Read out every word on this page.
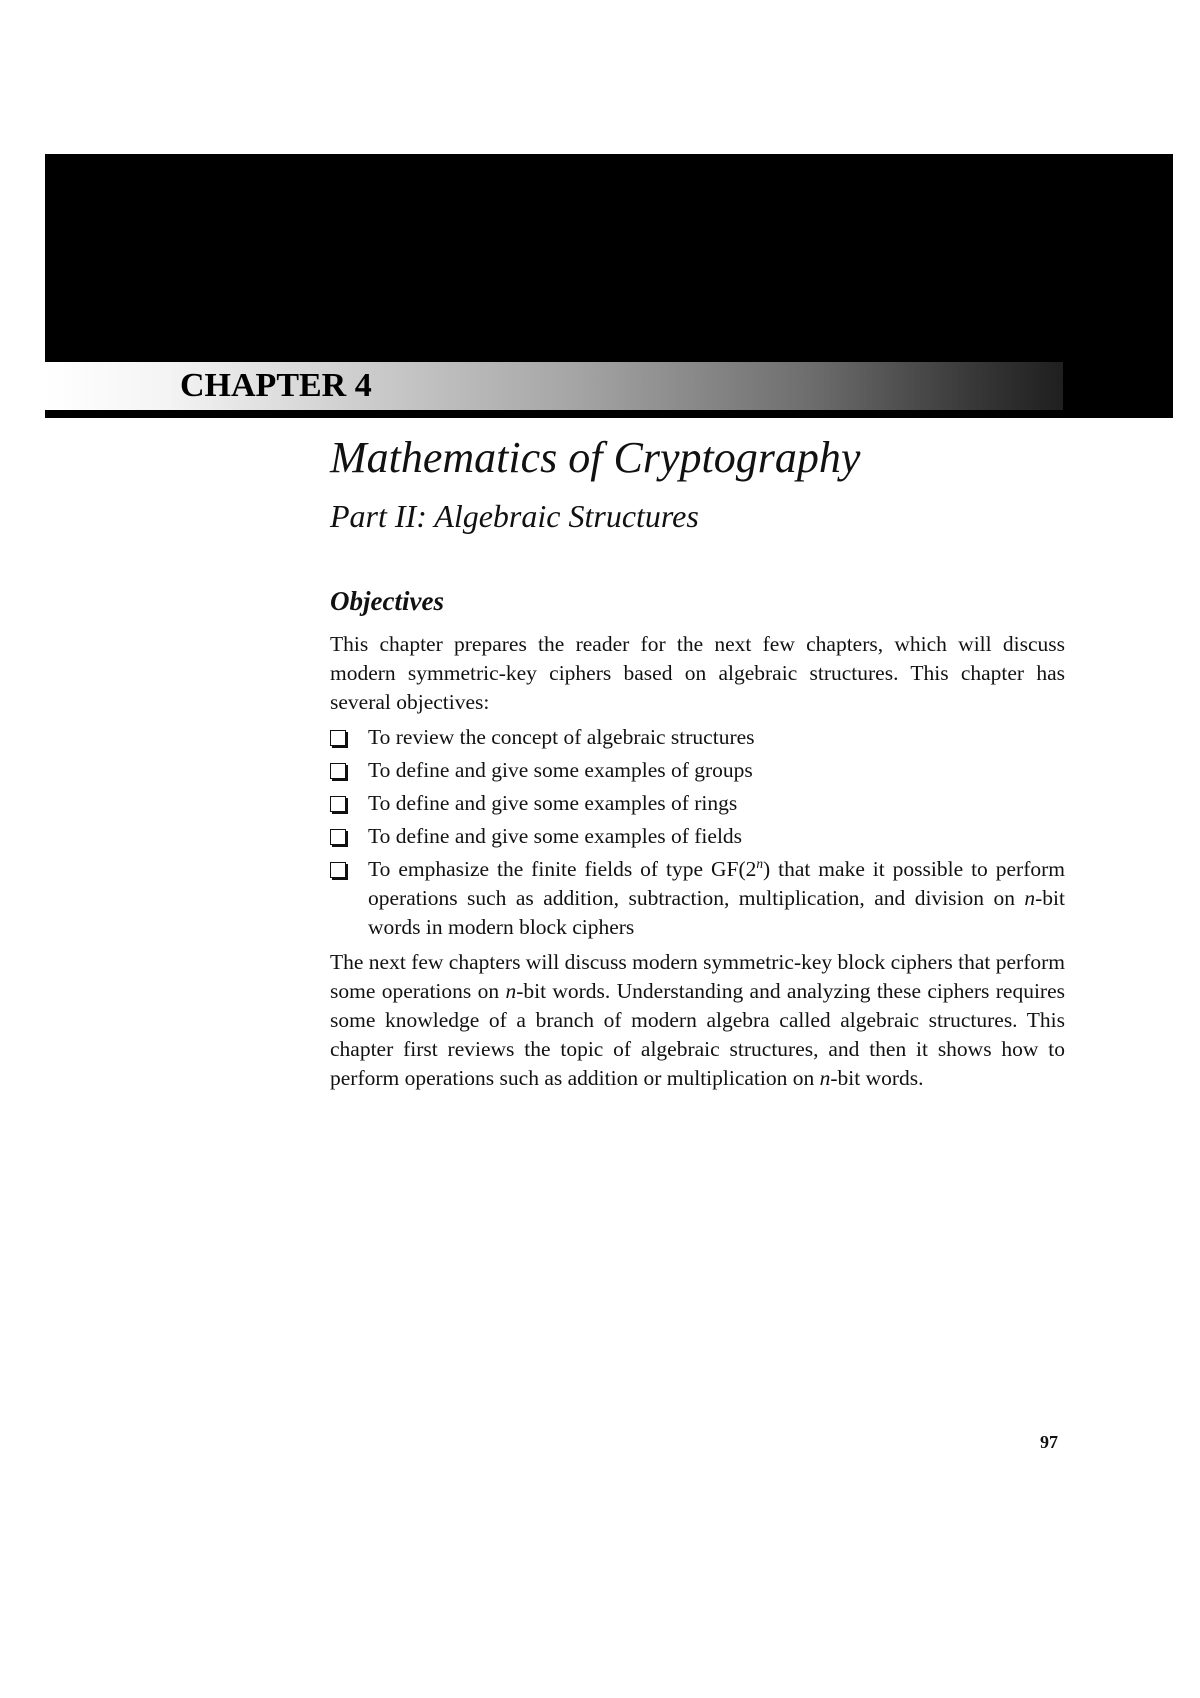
CHAPTER 4
Mathematics of Cryptography
Part II: Algebraic Structures
Objectives

This chapter prepares the reader for the next few chapters, which will discuss modern symmetric-key ciphers based on algebraic structures. This chapter has several objectives:

To review the concept of algebraic structures
To define and give some examples of groups
To define and give some examples of rings
To define and give some examples of fields
To emphasize the finite fields of type GF(2$^n$) that make it possible to perform operations such as addition, subtraction, multiplication, and division on n-bit words in modern block ciphers

The next few chapters will discuss modern symmetric-key block ciphers that perform some operations on n-bit words. Understanding and analyzing these ciphers requires some knowledge of a branch of modern algebra called algebraic structures. This chapter first reviews the topic of algebraic structures, and then it shows how to perform operations such as addition or multiplication on n-bit words.

97
